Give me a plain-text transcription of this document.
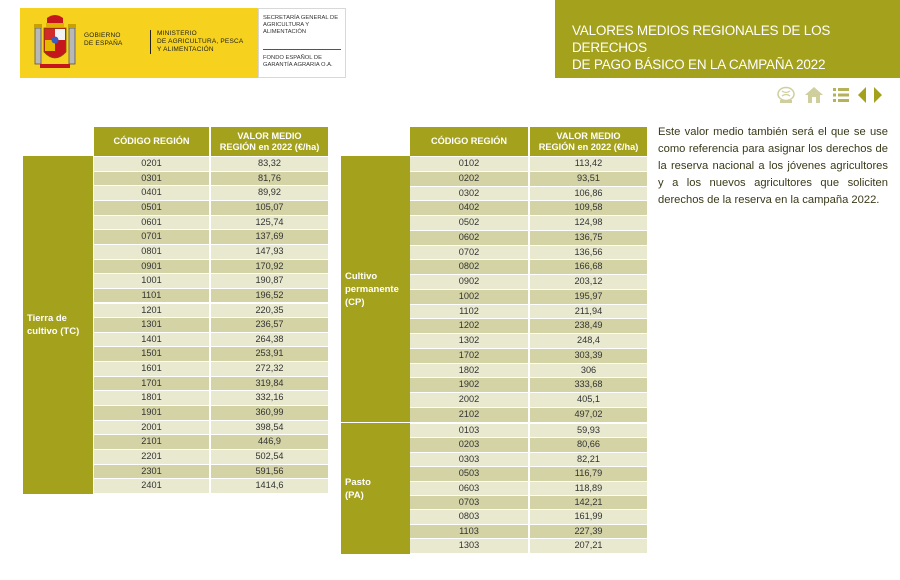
GOBIERNO
DE ESPAÑA
MINISTERIO
DE AGRICULTURA, PESCA
Y ALIMENTACIÓN
SECRETARÍA GENERAL DE
AGRICULTURA Y
ALIMENTACIÓN
FONDO ESPAÑOL DE
GARANTÍA AGRARIA O.A.
VALORES MEDIOS REGIONALES DE LOS DERECHOS
DE PAGO BÁSICO EN LA CAMPAÑA 2022
CÓDIGO REGIÓN
VALOR MEDIO
REGIÓN en 2022 (€/ha)
Tierra de
cultivo (TC)
0201	83,32
0301	81,76
0401	89,92
0501	105,07
0601	125,74
0701	137,69
0801	147,93
0901	170,92
1001	190,87
1101	196,52
1201	220,35
1301	236,57
1401	264,38
1501	253,91
1601	272,32
1701	319,84
1801	332,16
1901	360,99
2001	398,54
2101	446,9
2201	502,54
2301	591,56
2401	1414,6
CÓDIGO REGIÓN
VALOR MEDIO
REGIÓN en 2022 (€/ha)
Cultivo
permanente
(CP)
Pasto
(PA)
0102	113,42
0202	93,51
0302	106,86
0402	109,58
0502	124,98
0602	136,75
0702	136,56
0802	166,68
0902	203,12
1002	195,97
1102	211,94
1202	238,49
1302	248,4
1702	303,39
1802	306
1902	333,68
2002	405,1
2102	497,02
0103	59,93
0203	80,66
0303	82,21
0503	116,79
0603	118,89
0703	142,21
0803	161,99
1103	227,39
1303	207,21
Este valor medio también será el que se use como referencia para asignar los derechos de la reserva nacional a los jóvenes agricultores y a los nuevos agricultores que soliciten derechos de la reserva en la campaña 2022.
